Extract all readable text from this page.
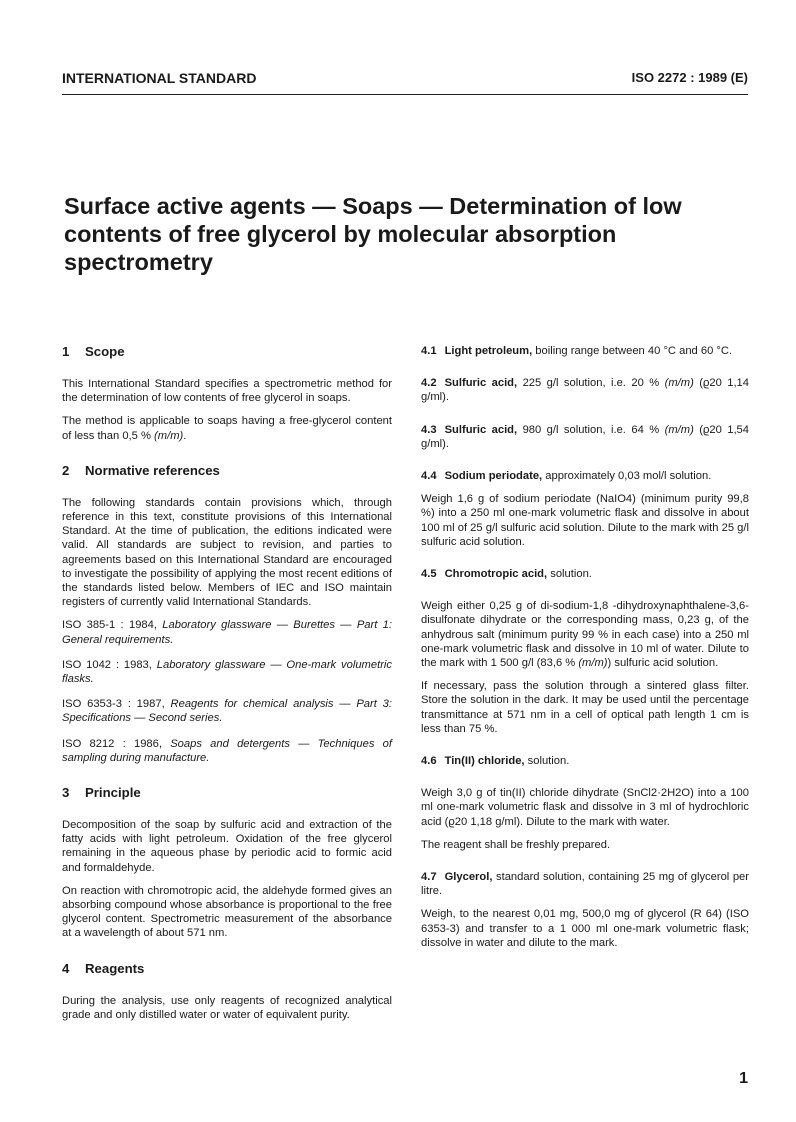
INTERNATIONAL STANDARD	ISO 2272 : 1989 (E)
Surface active agents — Soaps — Determination of low contents of free glycerol by molecular absorption spectrometry
1 Scope

This International Standard specifies a spectrometric method for the determination of low contents of free glycerol in soaps.

The method is applicable to soaps having a free-glycerol content of less than 0,5 % (m/m).

2 Normative references

The following standards contain provisions which, through reference in this text, constitute provisions of this International Standard. At the time of publication, the editions indicated were valid. All standards are subject to revision, and parties to agreements based on this International Standard are encouraged to investigate the possibility of applying the most recent editions of the standards listed below. Members of IEC and ISO maintain registers of currently valid International Standards.

ISO 385-1 : 1984, Laboratory glassware — Burettes — Part 1: General requirements.

ISO 1042 : 1983, Laboratory glassware — One-mark volumetric flasks.

ISO 6353-3 : 1987, Reagents for chemical analysis — Part 3: Specifications — Second series.

ISO 8212 : 1986, Soaps and detergents — Techniques of sampling during manufacture.

3 Principle

Decomposition of the soap by sulfuric acid and extraction of the fatty acids with light petroleum. Oxidation of the free glycerol remaining in the aqueous phase by periodic acid to formic acid and formaldehyde.

On reaction with chromotropic acid, the aldehyde formed gives an absorbing compound whose absorbance is proportional to the free glycerol content. Spectrometric measurement of the absorbance at a wavelength of about 571 nm.

4 Reagents

During the analysis, use only reagents of recognized analytical grade and only distilled water or water of equivalent purity.

4.1 Light petroleum, boiling range between 40 °C and 60 °C.

4.2 Sulfuric acid, 225 g/l solution, i.e. 20 % (m/m) (ϱ20 1,14 g/ml).

4.3 Sulfuric acid, 980 g/l solution, i.e. 64 % (m/m) (ϱ20 1,54 g/ml).

4.4 Sodium periodate, approximately 0,03 mol/l solution.

Weigh 1,6 g of sodium periodate (NaIO4) (minimum purity 99,8 %) into a 250 ml one-mark volumetric flask and dissolve in about 100 ml of 25 g/l sulfuric acid solution. Dilute to the mark with 25 g/l sulfuric acid solution.

4.5 Chromotropic acid, solution.

Weigh either 0,25 g of di-sodium-1,8 -dihydroxynaphthalene-3,6-disulfonate dihydrate or the corresponding mass, 0,23 g, of the anhydrous salt (minimum purity 99 % in each case) into a 250 ml one-mark volumetric flask and dissolve in 10 ml of water. Dilute to the mark with 1 500 g/l (83,6 % (m/m)) sulfuric acid solution.

If necessary, pass the solution through a sintered glass filter. Store the solution in the dark. It may be used until the percentage transmittance at 571 nm in a cell of optical path length 1 cm is less than 75 %.

4.6 Tin(II) chloride, solution.

Weigh 3,0 g of tin(II) chloride dihydrate (SnCl2·2H2O) into a 100 ml one-mark volumetric flask and dissolve in 3 ml of hydrochloric acid (ϱ20 1,18 g/ml). Dilute to the mark with water.

The reagent shall be freshly prepared.

4.7 Glycerol, standard solution, containing 25 mg of glycerol per litre.

Weigh, to the nearest 0,01 mg, 500,0 mg of glycerol (R 64) (ISO 6353-3) and transfer to a 1 000 ml one-mark volumetric flask; dissolve in water and dilute to the mark.

1
